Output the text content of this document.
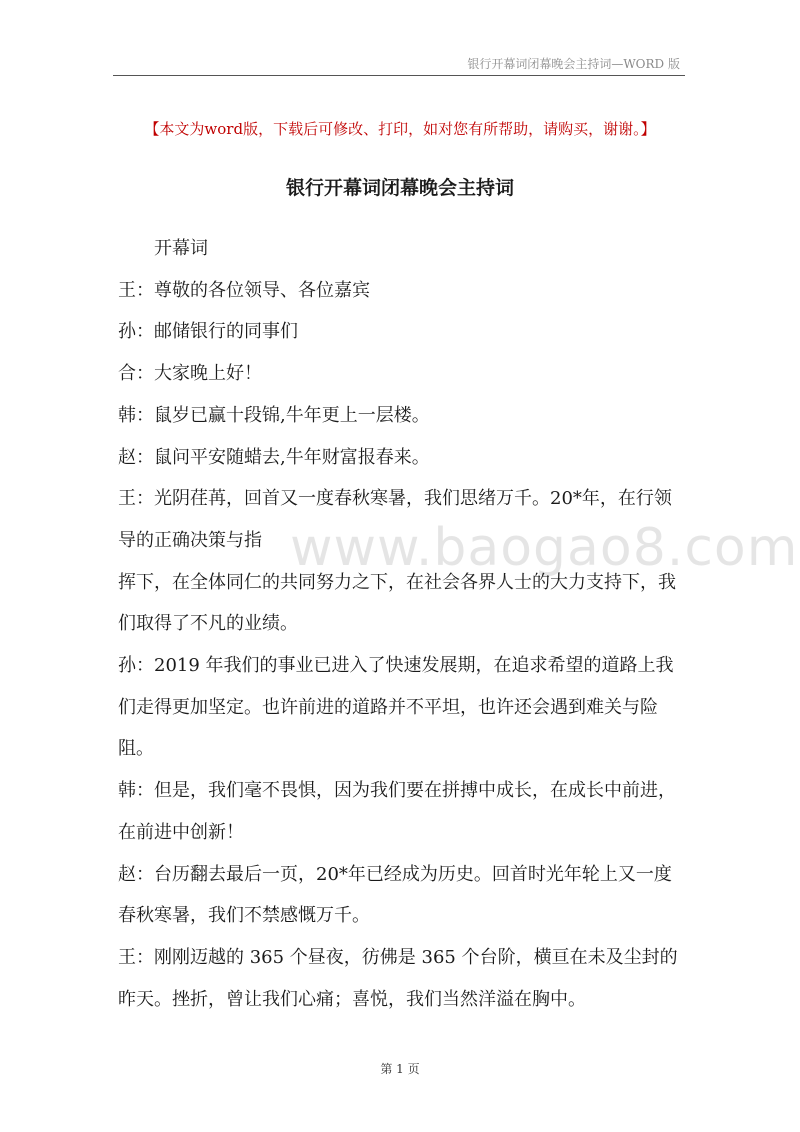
银行开幕词闭幕晚会主持词—WORD 版
【本文为word版，下载后可修改、打印，如对您有所帮助，请购买，谢谢。】
银行开幕词闭幕晚会主持词

开幕词

王：尊敬的各位领导、各位嘉宾

孙：邮储银行的同事们

合：大家晚上好！

韩：鼠岁已赢十段锦,牛年更上一层楼。

赵：鼠问平安随蜡去,牛年财富报春来。

王：光阴荏苒，回首又一度春秋寒暑，我们思绪万千。20*年，在行领导的正确决策与指

挥下，在全体同仁的共同努力之下，在社会各界人士的大力支持下，我们取得了不凡的业绩。

孙：2019 年我们的事业已进入了快速发展期，在追求希望的道路上我们走得更加坚定。也许前进的道路并不平坦，也许还会遇到难关与险阻。

韩：但是，我们毫不畏惧，因为我们要在拼搏中成长，在成长中前进，在前进中创新！

赵：台历翻去最后一页，20*年已经成为历史。回首时光年轮上又一度春秋寒暑，我们不禁感慨万千。

王：刚刚迈越的 365 个昼夜，彷佛是 365 个台阶，横亘在未及尘封的昨天。挫折，曾让我们心痛；喜悦，我们当然洋溢在胸中。

www.baogao8.com
第 1 页
